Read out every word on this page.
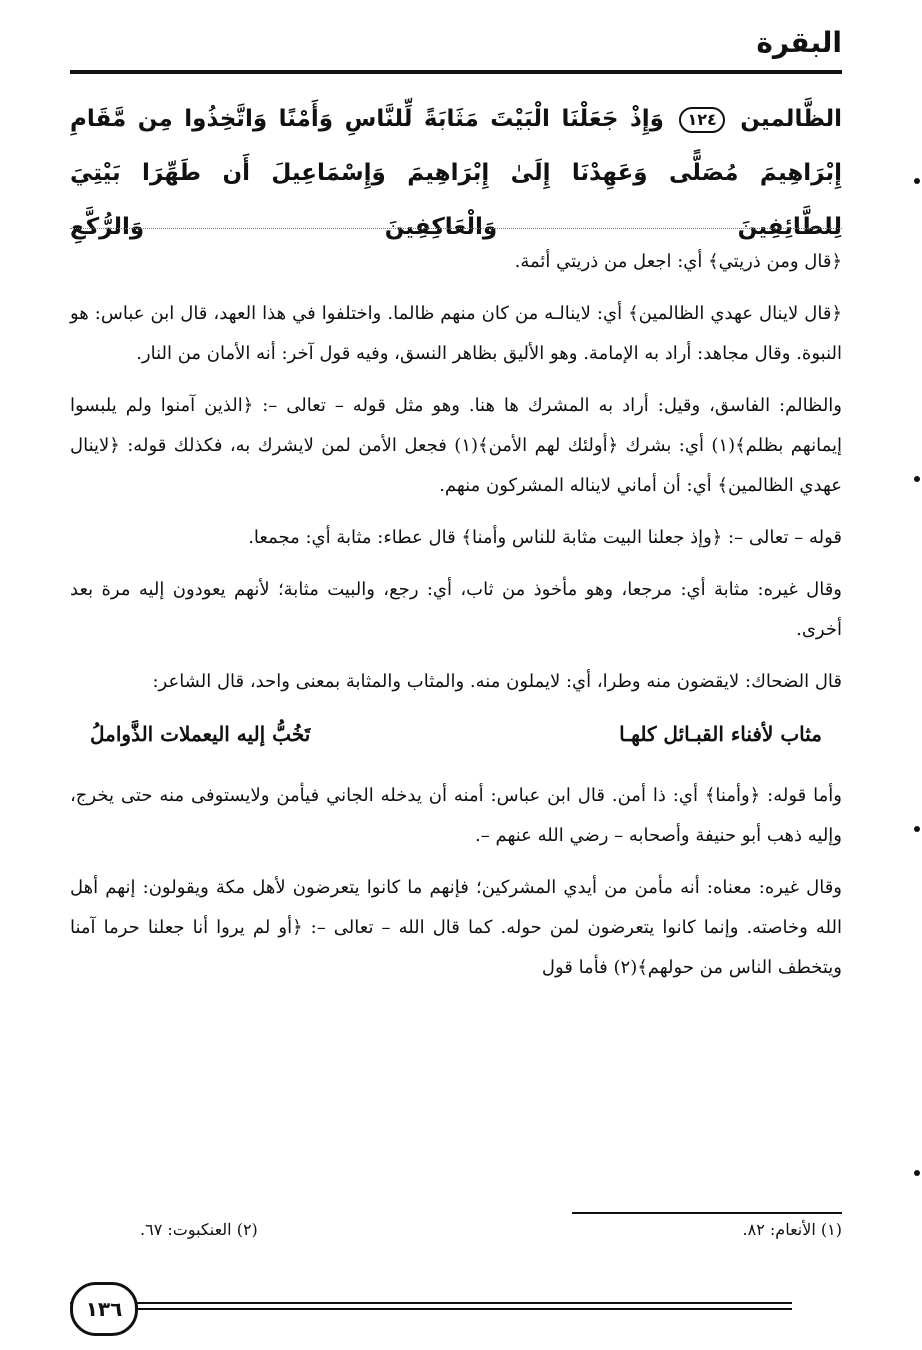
البقرة
الظَّالمين ١٢٤ وَإِذْ جَعَلْنَا الْبَيْتَ مَثَابَةً لِّلنَّاسِ وَأَمْنًا وَاتَّخِذُوا مِن مَّقَامِ إِبْرَاهِيمَ مُصَلًّى وَعَهِدْنَا إِلَىٰ إِبْرَاهِيمَ وَإِسْمَاعِيلَ أَن طَهِّرَا بَيْتِيَ لِلطَّائِفِينَ وَالْعَاكِفِينَ وَالرُّكَّعِ

﴿قال ومن ذريتي﴾ أي: اجعل من ذريتي أئمة.

﴿قال لاينال عهدي الظالمين﴾ أي: لاينالـه من كان منهم ظالما. واختلفوا في هذا العهد، قال ابن عباس: هو النبوة. وقال مجاهد: أراد به الإمامة. وهو الأليق بظاهر النسق، وفيه قول آخر: أنه الأمان من النار.

والظالم: الفاسق، وقيل: أراد به المشرك ها هنا. وهو مثل قوله – تعالى –: ﴿الذين آمنوا ولم يلبسوا إيمانهم بظلم﴾(١) أي: بشرك ﴿أولئك لهم الأمن﴾(١) فجعل الأمن لمن لايشرك به، فكذلك قوله: ﴿لاينال عهدي الظالمين﴾ أي: أن أماني لايناله المشركون منهم.

قوله – تعالى –: ﴿وإذ جعلنا البيت مثابة للناس وأمنا﴾ قال عطاء: مثابة أي: مجمعا.

وقال غيره: مثابة أي: مرجعا، وهو مأخوذ من ثاب، أي: رجع، والبيت مثابة؛ لأنهم يعودون إليه مرة بعد أخرى.

قال الضحاك: لايقضون منه وطرا، أي: لايملون منه. والمثاب والمثابة بمعنى واحد، قال الشاعر:

مثاب لأفناء القبـائل كلهـا
تَخُبُّ إليه اليعملات الذَّواملُ

وأما قوله: ﴿وأمنا﴾ أي: ذا أمن. قال ابن عباس: أمنه أن يدخله الجاني فيأمن ولايستوفى منه حتى يخرج، وإليه ذهب أبو حنيفة وأصحابه – رضي الله عنهم –.

وقال غيره: معناه: أنه مأمن من أيدي المشركين؛ فإنهم ما كانوا يتعرضون لأهل مكة ويقولون: إنهم أهل الله وخاصته. وإنما كانوا يتعرضون لمن حوله. كما قال الله – تعالى –: ﴿أو لم يروا أنا جعلنا حرما آمنا ويتخطف الناس من حولهم﴾(٢) فأما قول

(١) الأنعام: ٨٢.
(٢) العنكبوت: ٦٧.
١٣٦
